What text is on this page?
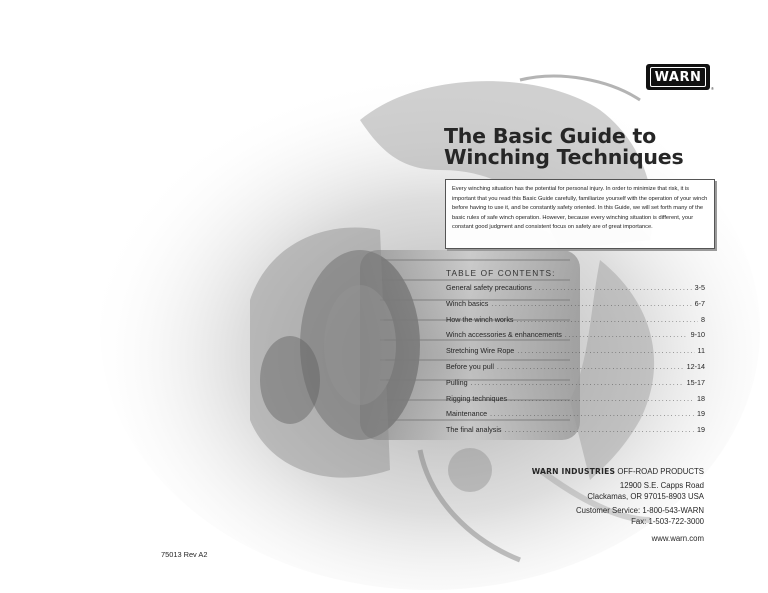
WARN
®
The Basic Guide to
Winching Techniques
Every winching situation has the potential for personal injury. In order to minimize that risk, it is important that you read this Basic Guide carefully, familiarize yourself with the operation of your winch before having to use it, and be constantly safety oriented. In this Guide, we will set forth many of the basic rules of safe winch operation. However, because every winching situation is different, your constant good judgment and consistent focus on safety are of great importance.
TABLE OF CONTENTS:
General safety precautions . . .	3-5
Winch basics . . .	6-7
How the winch works . . .	8
Winch accessories & enhancements . . .	9-10
Stretching Wire Rope . . .	11
Before you pull . . .	12-14
Pulling . . .	15-17
Rigging techniques . . .	18
Maintenance . . .	19
The final analysis . . .	19
WARN INDUSTRIES OFF-ROAD PRODUCTS
12900 S.E. Capps Road
Clackamas, OR 97015-8903 USA
Customer Service: 1-800-543-WARN
Fax: 1-503-722-3000
www.warn.com
75013 Rev A2
